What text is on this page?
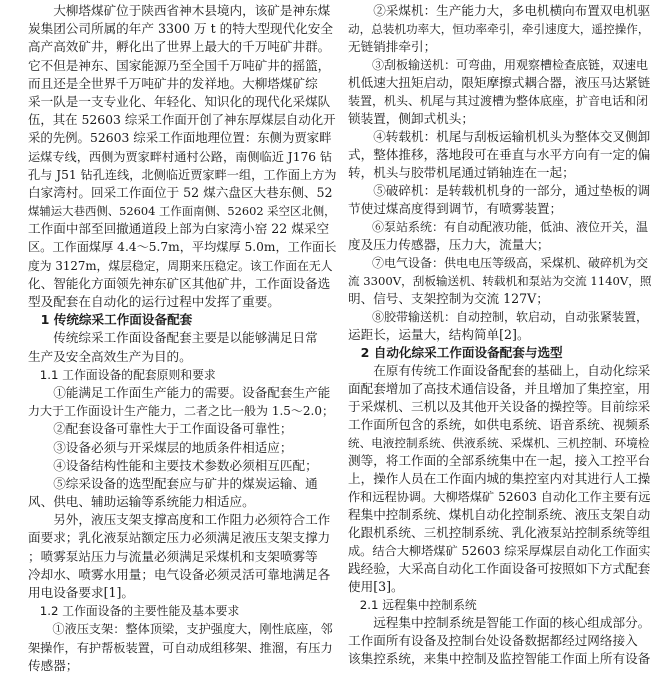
　　大柳塔煤矿位于陕西省神木县境内，该矿是神东煤
炭集团公司所属的年产 3300 万 t 的特大型现代化安全
高产高效矿井，孵化出了世界上最大的千万吨矿井群。
它不但是神东、国家能源乃至全国千万吨矿井的摇篮，
而且还是全世界千万吨矿井的发祥地。大柳塔煤矿综
采一队是一支专业化、年轻化、知识化的现代化采煤队
伍，其在 52603 综采工作面开创了神东厚煤层自动化开
采的先例。52603 综采工作面地理位置：东侧为贾家畔
运煤专线，西侧为贾家畔村通村公路，南侧临近 J176 钻
孔与 J51 钻孔连线，北侧临近贾家畔一组，工作面上方为
白家湾村。回采工作面位于 52 煤六盘区大巷东侧、52
煤辅运大巷西侧、52604 工作面南侧、52602 采空区北侧，
工作面中部至回撤通道段上部为白家湾小窑 22 煤采空
区。工作面煤厚 4.4～5.7m，平均煤厚 5.0m，工作面长
度为 3127m，煤层稳定，周期来压稳定。该工作面在无人
化、智能化方面领先神东矿区其他矿井，工作面设备选
型及配套在自动化的运行过程中发挥了重要。
　1 传统综采工作面设备配套
　　传统综采工作面设备配套主要是以能够满足日常
生产及安全高效生产为目的。
　1.1 工作面设备的配套原则和要求
　　①能满足工作面生产能力的需要。设备配套生产能
力大于工作面设计生产能力，二者之比一般为 1.5～2.0；
　　②配套设备可靠性大于工作面设备可靠性；
　　③设备必须与开采煤层的地质条件相适应；
　　④设备结构性能和主要技术参数必须相互匹配；
　　⑤综采设备的选型配套应与矿井的煤炭运输、通
风、供电、辅助运输等系统能力相适应。
　　另外，液压支架支撑高度和工作阻力必须符合工作
面要求；乳化液泵站额定压力必须满足液压支架支撑力
；喷雾泵站压力与流量必须满足采煤机和支架喷雾等
冷却水、喷雾水用量；电气设备必须灵活可靠地满足各
用电设备要求[1]。
　1.2 工作面设备的主要性能及基本要求
　　①液压支架：整体顶梁，支护强度大，刚性底座，邻
架操作，有护帮板装置，可自动成组移架、推溜，有压力
传感器；
　　②采煤机：生产能力大，多电机横向布置双电机驱
动，总装机功率大，恒功率牵引，牵引速度大，遥控操作，
无链销排牵引；
　　③刮板输送机：可弯曲，用观察槽检查底链，双速电
机低速大扭矩启动，限矩摩擦式耦合器，液压马达紧链
装置，机头、机尾与其过渡槽为整体底座，扩音电话和闭
锁装置，侧卸式机头；
　　④转载机：机尾与刮板运输机机头为整体交叉侧卸
式，整体推移，落地段可在垂直与水平方向有一定的偏
转，机头与胶带机尾通过销轴连在一起；
　　⑤破碎机：是转载机机身的一部分，通过垫板的调
节使过煤高度得到调节，有喷雾装置；
　　⑥泵站系统：有自动配液功能，低油、液位开关，温
度及压力传感器，压力大，流量大；
　　⑦电气设备：供电电压等级高，采煤机、破碎机为交
流 3300V，刮板输送机、转载机和泵站为交流 1140V，照
明、信号、支架控制为交流 127V；
　　⑧胶带输送机：自动控制，软启动，自动张紧装置，
运距长，运量大，结构简单[2]。
　2 自动化综采工作面设备配套与选型
　　在原有传统工作面设备配套的基础上，自动化综采
面配套增加了高技术通信设备，并且增加了集控室，用
于采煤机、三机以及其他开关设备的操控等。目前综采
工作面所包含的系统，如供电系统、语音系统、视频系
统、电液控制系统、供液系统、采煤机、三机控制、环境检
测等，将工作面的全部系统集中在一起，接入工控平台
上，操作人员在工作面内城的集控室内对其进行人工操
作和远程协调。大柳塔煤矿 52603 自动化工作主要有远
程集中控制系统、煤机自动化控制系统、液压支架自动
化跟机系统、三机控制系统、乳化液泵站控制系统等组
成。结合大柳塔煤矿 52603 综采厚煤层自动化工作面实
践经验，大采高自动化工作面设备可按照如下方式配套
使用[3]。
　2.1 远程集中控制系统
　　远程集中控制系统是智能工作面的核心组成部分。
工作面所有设备及控制台处设备数据都经过网络接入
该集控系统，来集中控制及监控智能工作面上所有设备
